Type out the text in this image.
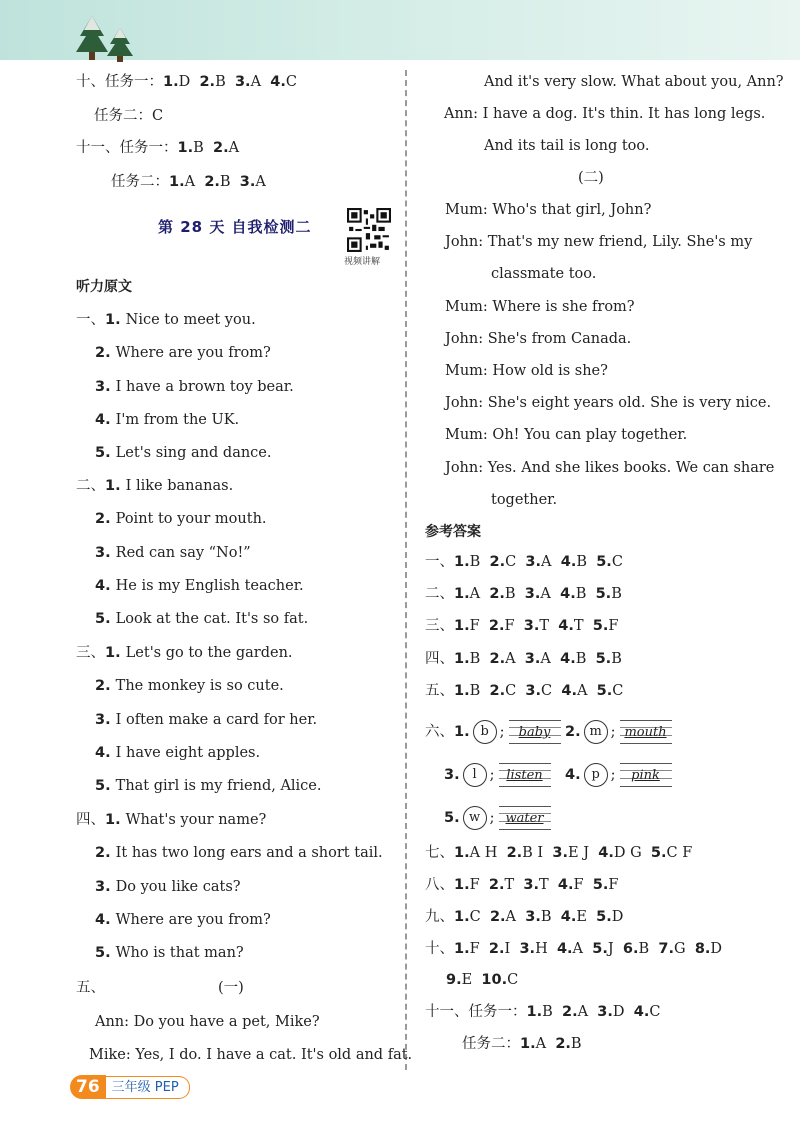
十、任务一：1.D 2.B 3.A 4.C
任务二：C
十一、任务一：1.B 2.A
任务二：1.A 2.B 3.A
听力原文
一、1. Nice to meet you.
2. Where are you from?
3. I have a brown toy bear.
4. I'm from the UK.
5. Let's sing and dance.
二、1. I like bananas.
2. Point to your mouth.
3. Red can say “No!”
4. He is my English teacher.
5. Look at the cat. It's so fat.
三、1. Let's go to the garden.
2. The monkey is so cute.
3. I often make a card for her.
4. I have eight apples.
5. That girl is my friend, Alice.
四、1. What's your name?
2. It has two long ears and a short tail.
3. Do you like cats?
4. Where are you from?
5. Who is that man?
五、	(一)
Ann: Do you have a pet, Mike?
Mike: Yes, I do. I have a cat. It's old and fat.
And it's very slow. What about you, Ann?
Ann: I have a dog. It's thin. It has long legs.
And its tail is long too.
(二)
Mum: Who's that girl, John?
John: That's my new friend, Lily. She's my
classmate too.
Mum: Where is she from?
John: She's from Canada.
Mum: How old is she?
John: She's eight years old. She is very nice.
Mum: Oh! You can play together.
John: Yes. And she likes books. We can share
together.
参考答案
一、1.B 2.C 3.A 4.B 5.C
二、1.A 2.B 3.A 4.B 5.B
三、1.F 2.F 3.T 4.T 5.F
四、1.B 2.A 3.A 4.B 5.B
五、1.B 2.C 3.C 4.A 5.C
六、1. b ; baby	2. m ; mouth
3. l ; listen	4. p ; pink
5. w ; water
七、1.A H 2.B I 3.E J 4.D G 5.C F
八、1.F 2.T 3.T 4.F 5.F
九、1.C 2.A 3.B 4.E 5.D
十、1.F 2.I 3.H 4.A 5.J 6.B 7.G 8.D
9.E 10.C
十一、任务一：1.B 2.A 3.D 4.C
任务二：1.A 2.B
第 28 天 自我检测二
视频讲解
76 三年级 PEP
